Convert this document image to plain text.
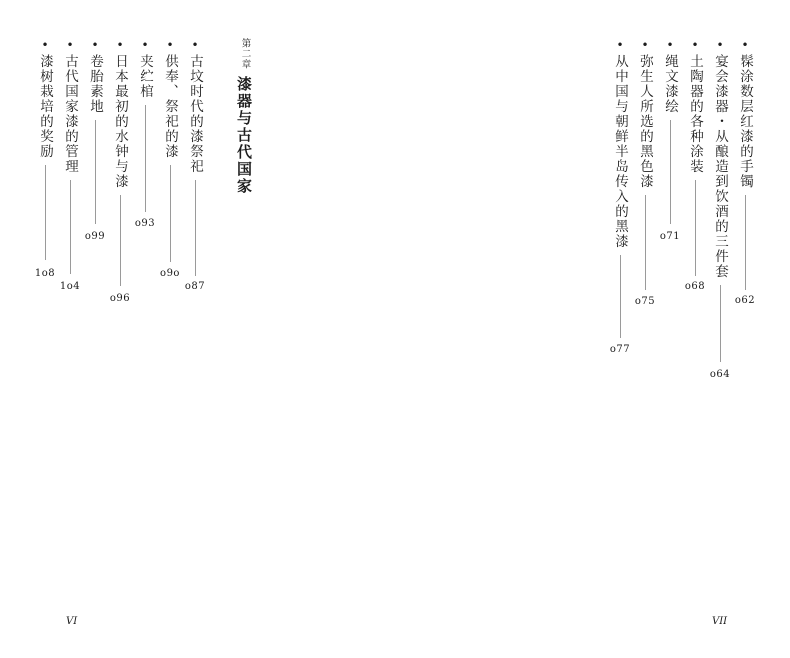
第二章
漆器与古代国家
•
古坟时代的漆祭祀
o87
•
供奉、祭祀的漆
o9o
•
夹纻棺
o93
•
日本最初的水钟与漆
o96
•
卷胎素地
o99
•
古代国家漆的管理
1o4
•
漆树栽培的奖励
1o8
VI
•
髹涂数层红漆的手镯
o62
•
宴会漆器・从酿造到饮酒的三件套
o64
•
土陶器的各种涂装
o68
•
绳文漆绘
o71
•
弥生人所选的黑色漆
o75
•
从中国与朝鲜半岛传入的黑漆
o77
VII
